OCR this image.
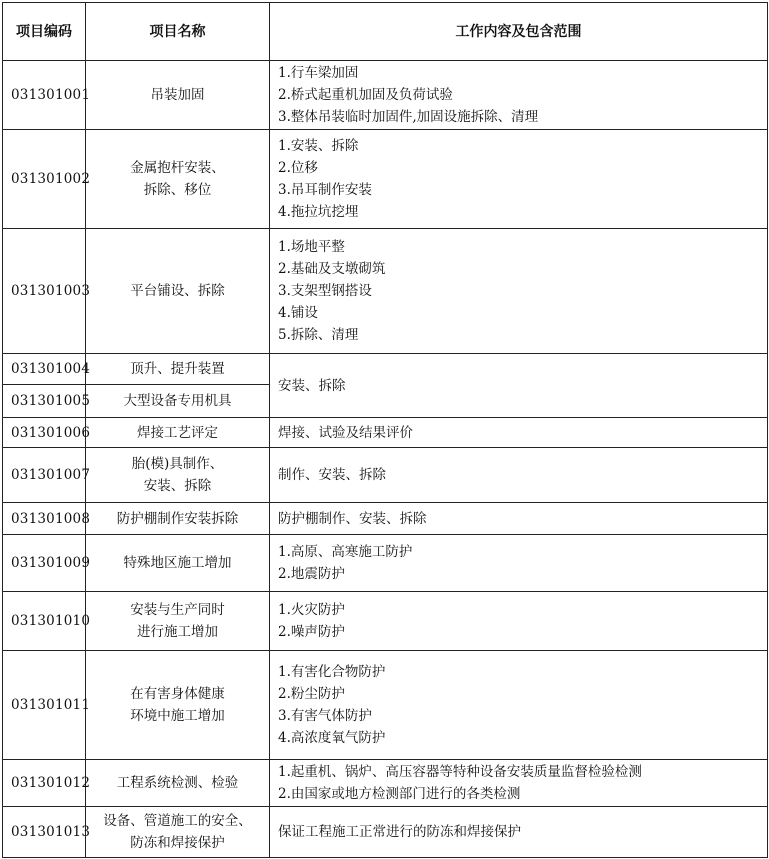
项目编码	项目名称	工作内容及包含范围
031301001	吊装加固	1.行车梁加固
2.桥式起重机加固及负荷试验
3.整体吊装临时加固件,加固设施拆除、清理

031301002	金属抱杆安装、
拆除、移位	1.安装、拆除
2.位移
3.吊耳制作安装
4.拖拉坑挖埋

031301003	平台铺设、拆除	1.场地平整
2.基础及支墩砌筑
3.支架型钢搭设
4.铺设
5.拆除、清理

031301004	顶升、提升装置	安装、拆除

031301005	大型设备专用机具	

031301006	焊接工艺评定	焊接、试验及结果评价

031301007	胎(模)具制作、
安装、拆除	制作、安装、拆除

031301008	防护棚制作安装拆除	防护棚制作、安装、拆除

031301009	特殊地区施工增加	1.高原、高寒施工防护
2.地震防护

031301010	安装与生产同时
进行施工增加	1.火灾防护
2.噪声防护

031301011	在有害身体健康
环境中施工增加	1.有害化合物防护
2.粉尘防护
3.有害气体防护
4.高浓度氧气防护

031301012	工程系统检测、检验	1.起重机、锅炉、高压容器等特种设备安装质量监督检验检测
2.由国家或地方检测部门进行的各类检测

031301013	设备、管道施工的安全、
防冻和焊接保护	保证工程施工正常进行的防冻和焊接保护
